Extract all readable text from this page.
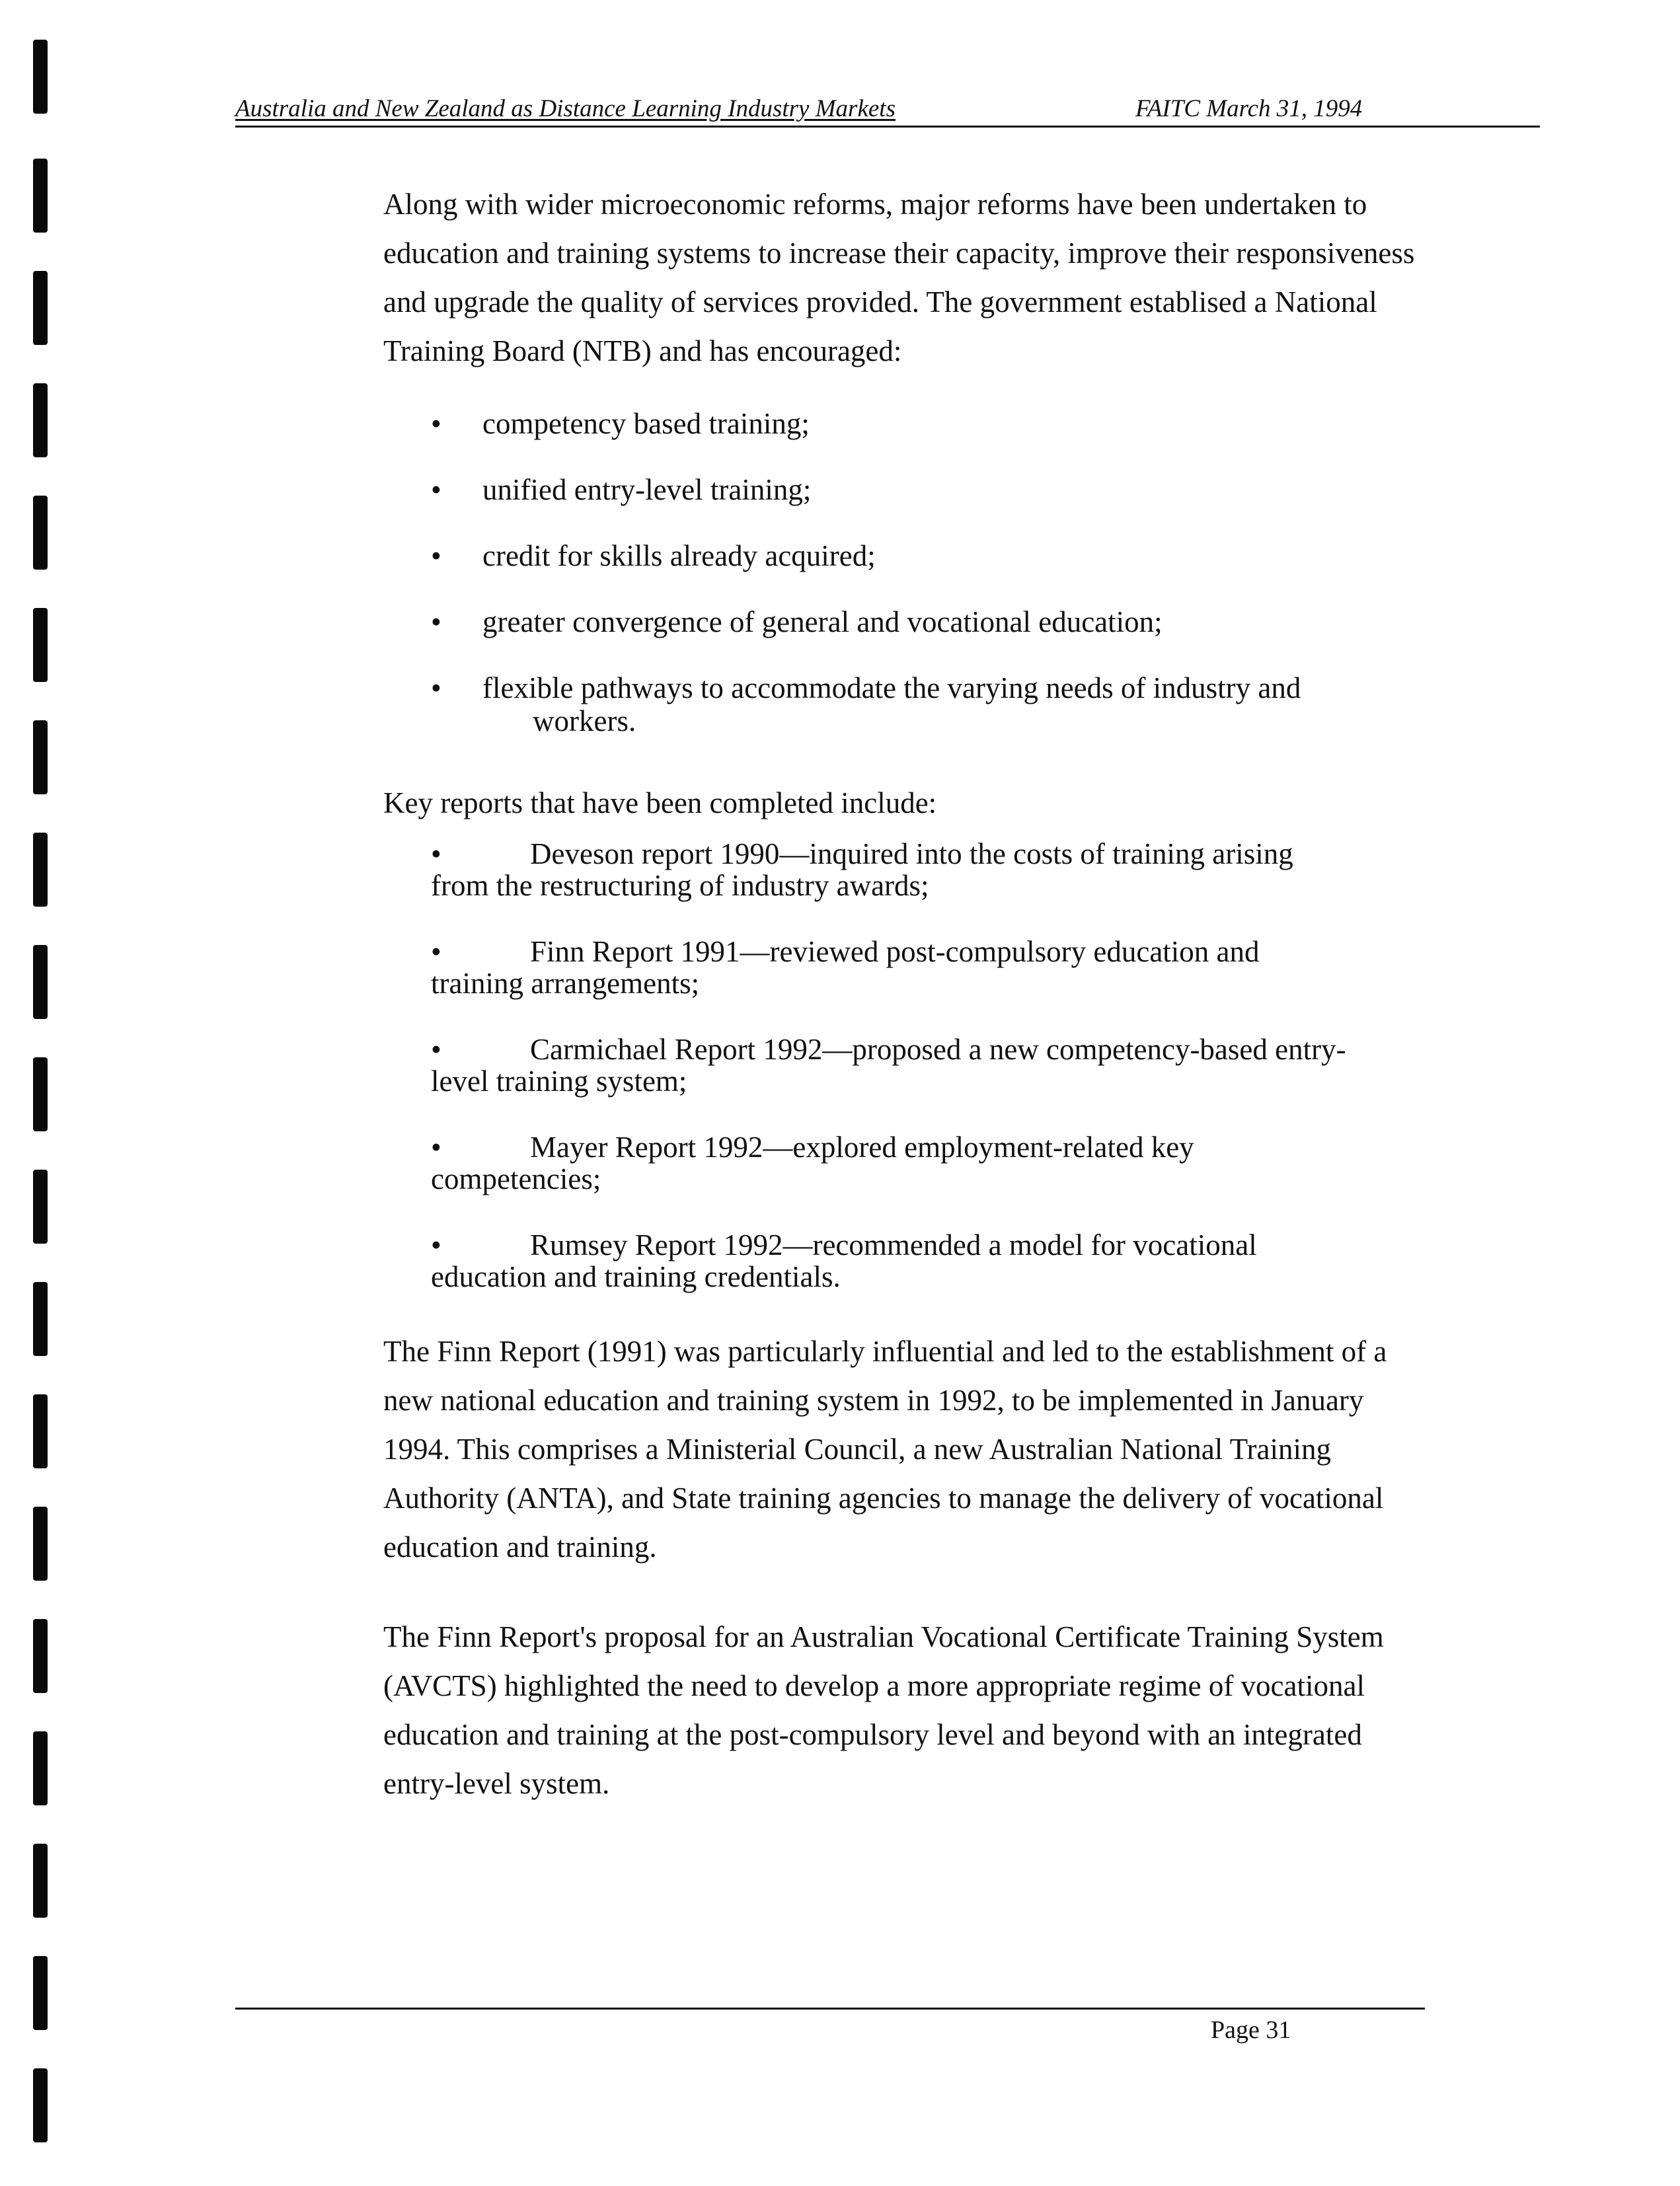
Australia and New Zealand as Distance Learning Industry Markets	FAITC March 31, 1994

Along with wider microeconomic reforms, major reforms have been undertaken to education and training systems to increase their capacity, improve their responsiveness and upgrade the quality of services provided. The government establised a National Training Board (NTB) and has encouraged:

• competency based training;
• unified entry-level training;
• credit for skills already acquired;
• greater convergence of general and vocational education;
• flexible pathways to accommodate the varying needs of industry and
workers.

Key reports that have been completed include:

•	Deveson report 1990—inquired into the costs of training arising
from the restructuring of industry awards;
•	Finn Report 1991—reviewed post-compulsory education and
training arrangements;
•	Carmichael Report 1992—proposed a new competency-based entry-
level training system;
•	Mayer Report 1992—explored employment-related key
competencies;
•	Rumsey Report 1992—recommended a model for vocational
education and training credentials.

The Finn Report (1991) was particularly influential and led to the establishment of a new national education and training system in 1992, to be implemented in January 1994. This comprises a Ministerial Council, a new Australian National Training Authority (ANTA), and State training agencies to manage the delivery of vocational education and training.

The Finn Report's proposal for an Australian Vocational Certificate Training System (AVCTS) highlighted the need to develop a more appropriate regime of vocational education and training at the post-compulsory level and beyond with an integrated entry-level system.

Page 31
